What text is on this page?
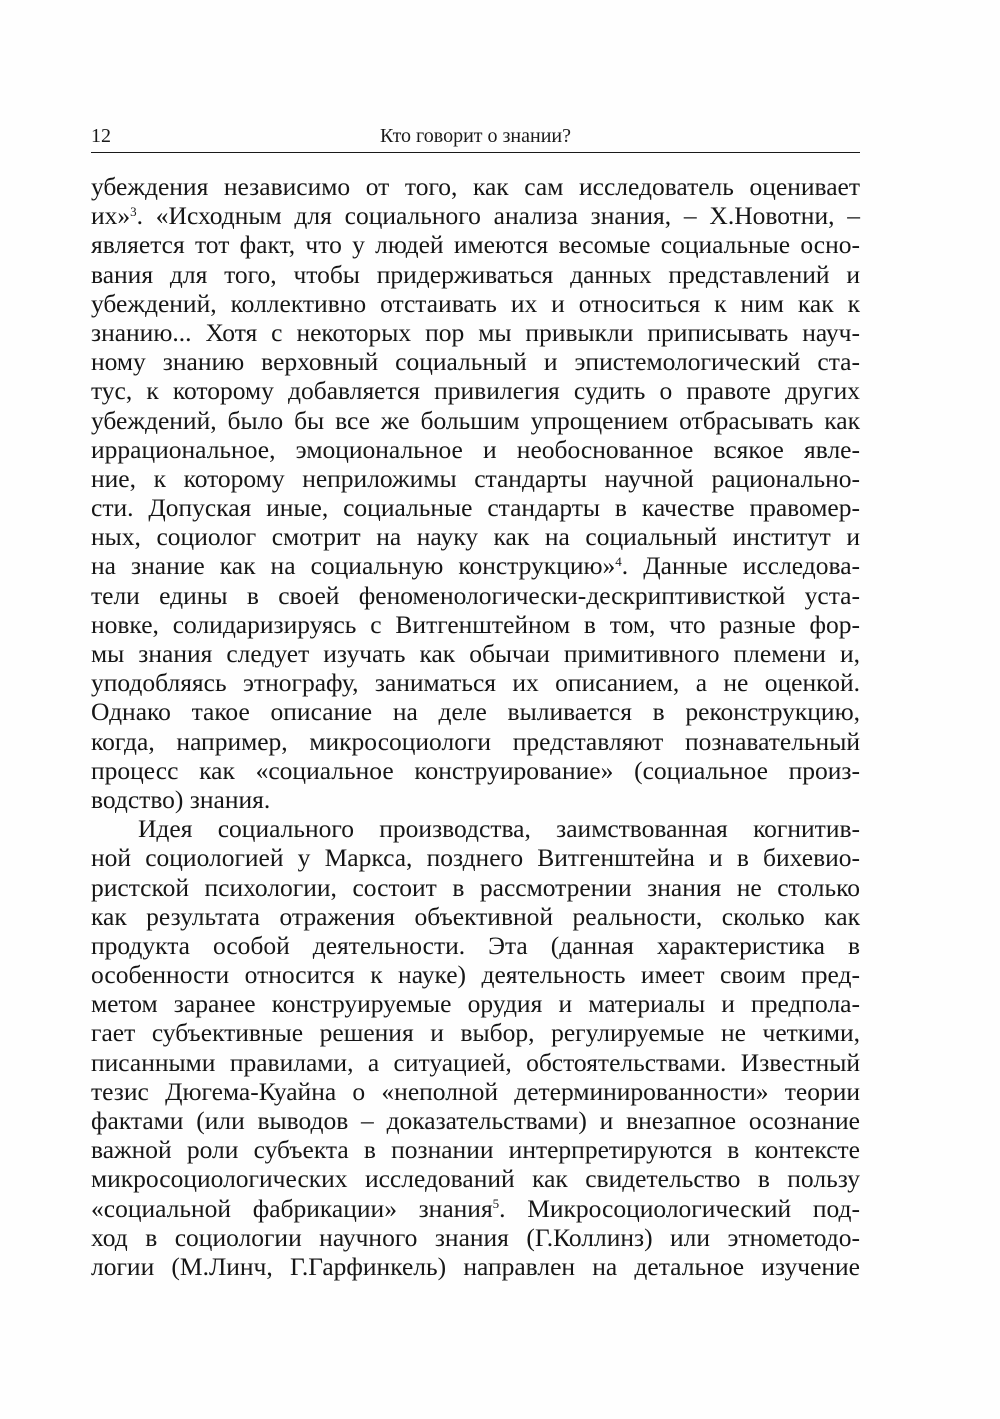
12	Кто говорит о знании?

убеждения независимо от того, как сам исследователь оценивает
их»$^3$. «Исходным для социального анализа знания, – Х.Новотни, –
является тот факт, что у людей имеются весомые социальные осно-
вания для того, чтобы придерживаться данных представлений и
убеждений, коллективно отстаивать их и относиться к ним как к
знанию... Хотя с некоторых пор мы привыкли приписывать науч-
ному знанию верховный социальный и эпистемологический ста-
тус, к которому добавляется привилегия судить о правоте других
убеждений, было бы все же большим упрощением отбрасывать как
иррациональное, эмоциональное и необоснованное всякое явле-
ние, к которому неприложимы стандарты научной рационально-
сти. Допуская иные, социальные стандарты в качестве правомер-
ных, социолог смотрит на науку как на социальный институт и
на знание как на социальную конструкцию»$^4$. Данные исследова-
тели едины в своей феноменологически-дескриптивисткой уста-
новке, солидаризируясь с Витгенштейном в том, что разные фор-
мы знания следует изучать как обычаи примитивного племени и,
уподобляясь этнографу, заниматься их описанием, а не оценкой.
Однако такое описание на деле выливается в реконструкцию,
когда, например, микросоциологи представляют познавательный
процесс как «социальное конструирование» (социальное произ-
водство) знания.

Идея социального производства, заимствованная когнитив-
ной социологией у Маркса, позднего Витгенштейна и в бихевио-
ристской психологии, состоит в рассмотрении знания не столько
как результата отражения объективной реальности, сколько как
продукта особой деятельности. Эта (данная характеристика в
особенности относится к науке) деятельность имеет своим пред-
метом заранее конструируемые орудия и материалы и предпола-
гает субъективные решения и выбор, регулируемые не четкими,
писанными правилами, а ситуацией, обстоятельствами. Известный
тезис Дюгема-Куайна о «неполной детерминированности» теории
фактами (или выводов – доказательствами) и внезапное осознание
важной роли субъекта в познании интерпретируются в контексте
микросоциологических исследований как свидетельство в пользу
«социальной фабрикации» знания$^5$. Микросоциологический под-
ход в социологии научного знания (Г.Коллинз) или этнометодо-
логии (М.Линч, Г.Гарфинкель) направлен на детальное изучение
